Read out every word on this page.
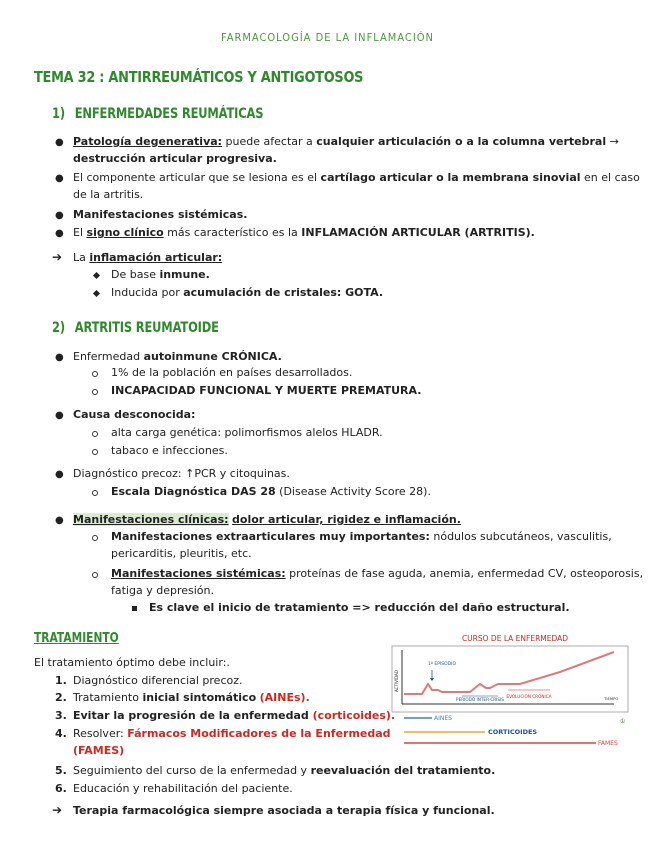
FARMACOLOGÍA DE LA INFLAMACIÓN
TEMA 32 : ANTIRREUMÁTICOS Y ANTIGOTOSOS
1) ENFERMEDADES REUMÁTICAS
● Patología degenerativa: puede afectar a cualquier articulación o a la columna vertebral →
destrucción articular progresiva.
● El componente articular que se lesiona es el cartílago articular o la membrana sinovial en el caso
de la artritis.
● Manifestaciones sistémicas.
● El signo clínico más característico es la INFLAMACIÓN ARTICULAR (ARTRITIS).
➔ La inflamación articular:
De base inmune.
Inducida por acumulación de cristales: GOTA.
2) ARTRITIS REUMATOIDE
● Enfermedad autoinmune CRÓNICA.
1% de la población en países desarrollados.
INCAPACIDAD FUNCIONAL Y MUERTE PREMATURA.
● Causa desconocida:
alta carga genética: polimorfismos alelos HLADR.
tabaco e infecciones.
● Diagnóstico precoz: ↑PCR y citoquinas.
Escala Diagnóstica DAS 28 (Disease Activity Score 28).
● Manifestaciones clínicas: dolor articular, rigidez e inflamación.
Manifestaciones extraarticulares muy importantes: nódulos subcutáneos, vasculitis,
pericarditis, pleuritis, etc.
Manifestaciones sistémicas: proteínas de fase aguda, anemia, enfermedad CV, osteoporosis,
fatiga y depresión.
Es clave el inicio de tratamiento => reducción del daño estructural.
TRATAMIENTO
El tratamiento óptimo debe incluir:.
1. Diagnóstico diferencial precoz.
2. Tratamiento inicial sintomático (AINEs).
3. Evitar la progresión de la enfermedad (corticoides).
4. Resolver: Fármacos Modificadores de la Enfermedad
(FAMES)
5. Seguimiento del curso de la enfermedad y reevaluación del tratamiento.
6. Educación y rehabilitación del paciente.
➔ Terapia farmacológica siempre asociada a terapia física y funcional.
CURSO DE LA ENFERMEDAD
ACTIVIDAD
1º EPISODIO
PERIODO INTER-CRISIS
EVOLUCIÓN CRÓNICA	TIEMPO
AINES	①
CORTICOIDES
FAMES
